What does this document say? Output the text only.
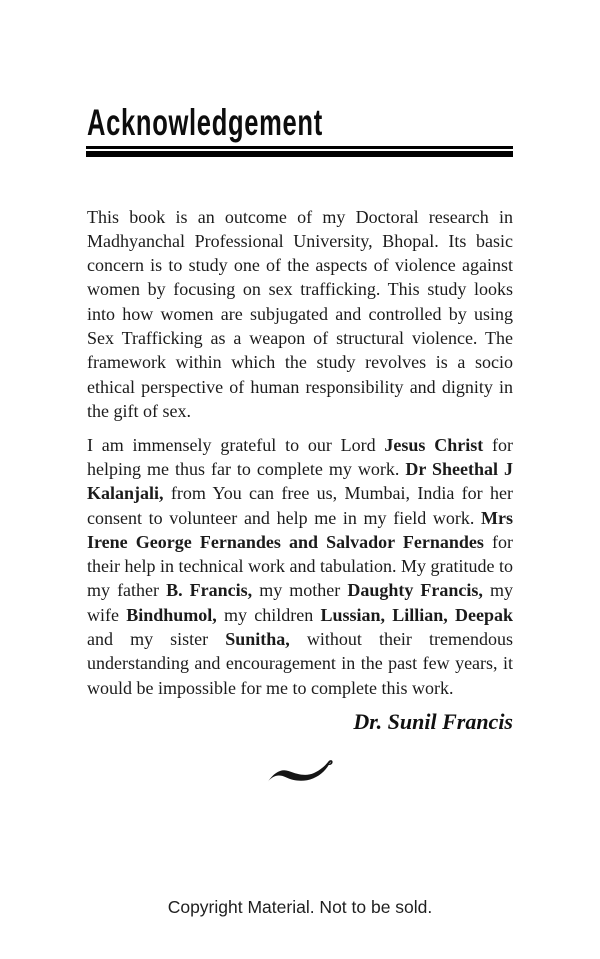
Acknowledgement

This book is an outcome of my Doctoral research in Madhyanchal Professional University, Bhopal. Its basic concern is to study one of the aspects of violence against women by focusing on sex trafficking. This study looks into how women are subjugated and controlled by using Sex Trafficking as a weapon of structural violence. The framework within which the study revolves is a socio ethical perspective of human responsibility and dignity in the gift of sex.

I am immensely grateful to our Lord Jesus Christ for helping me thus far to complete my work. Dr Sheethal J Kalanjali, from You can free us, Mumbai, India for her consent to volunteer and help me in my field work. Mrs Irene George Fernandes and Salvador Fernandes for their help in technical work and tabulation. My gratitude to my father B. Francis, my mother Daughty Francis, my wife Bindhumol, my children Lussian, Lillian, Deepak and my sister Sunitha, without their tremendous understanding and encouragement in the past few years, it would be impossible for me to complete this work.

Dr. Sunil Francis

Copyright Material. Not to be sold.
